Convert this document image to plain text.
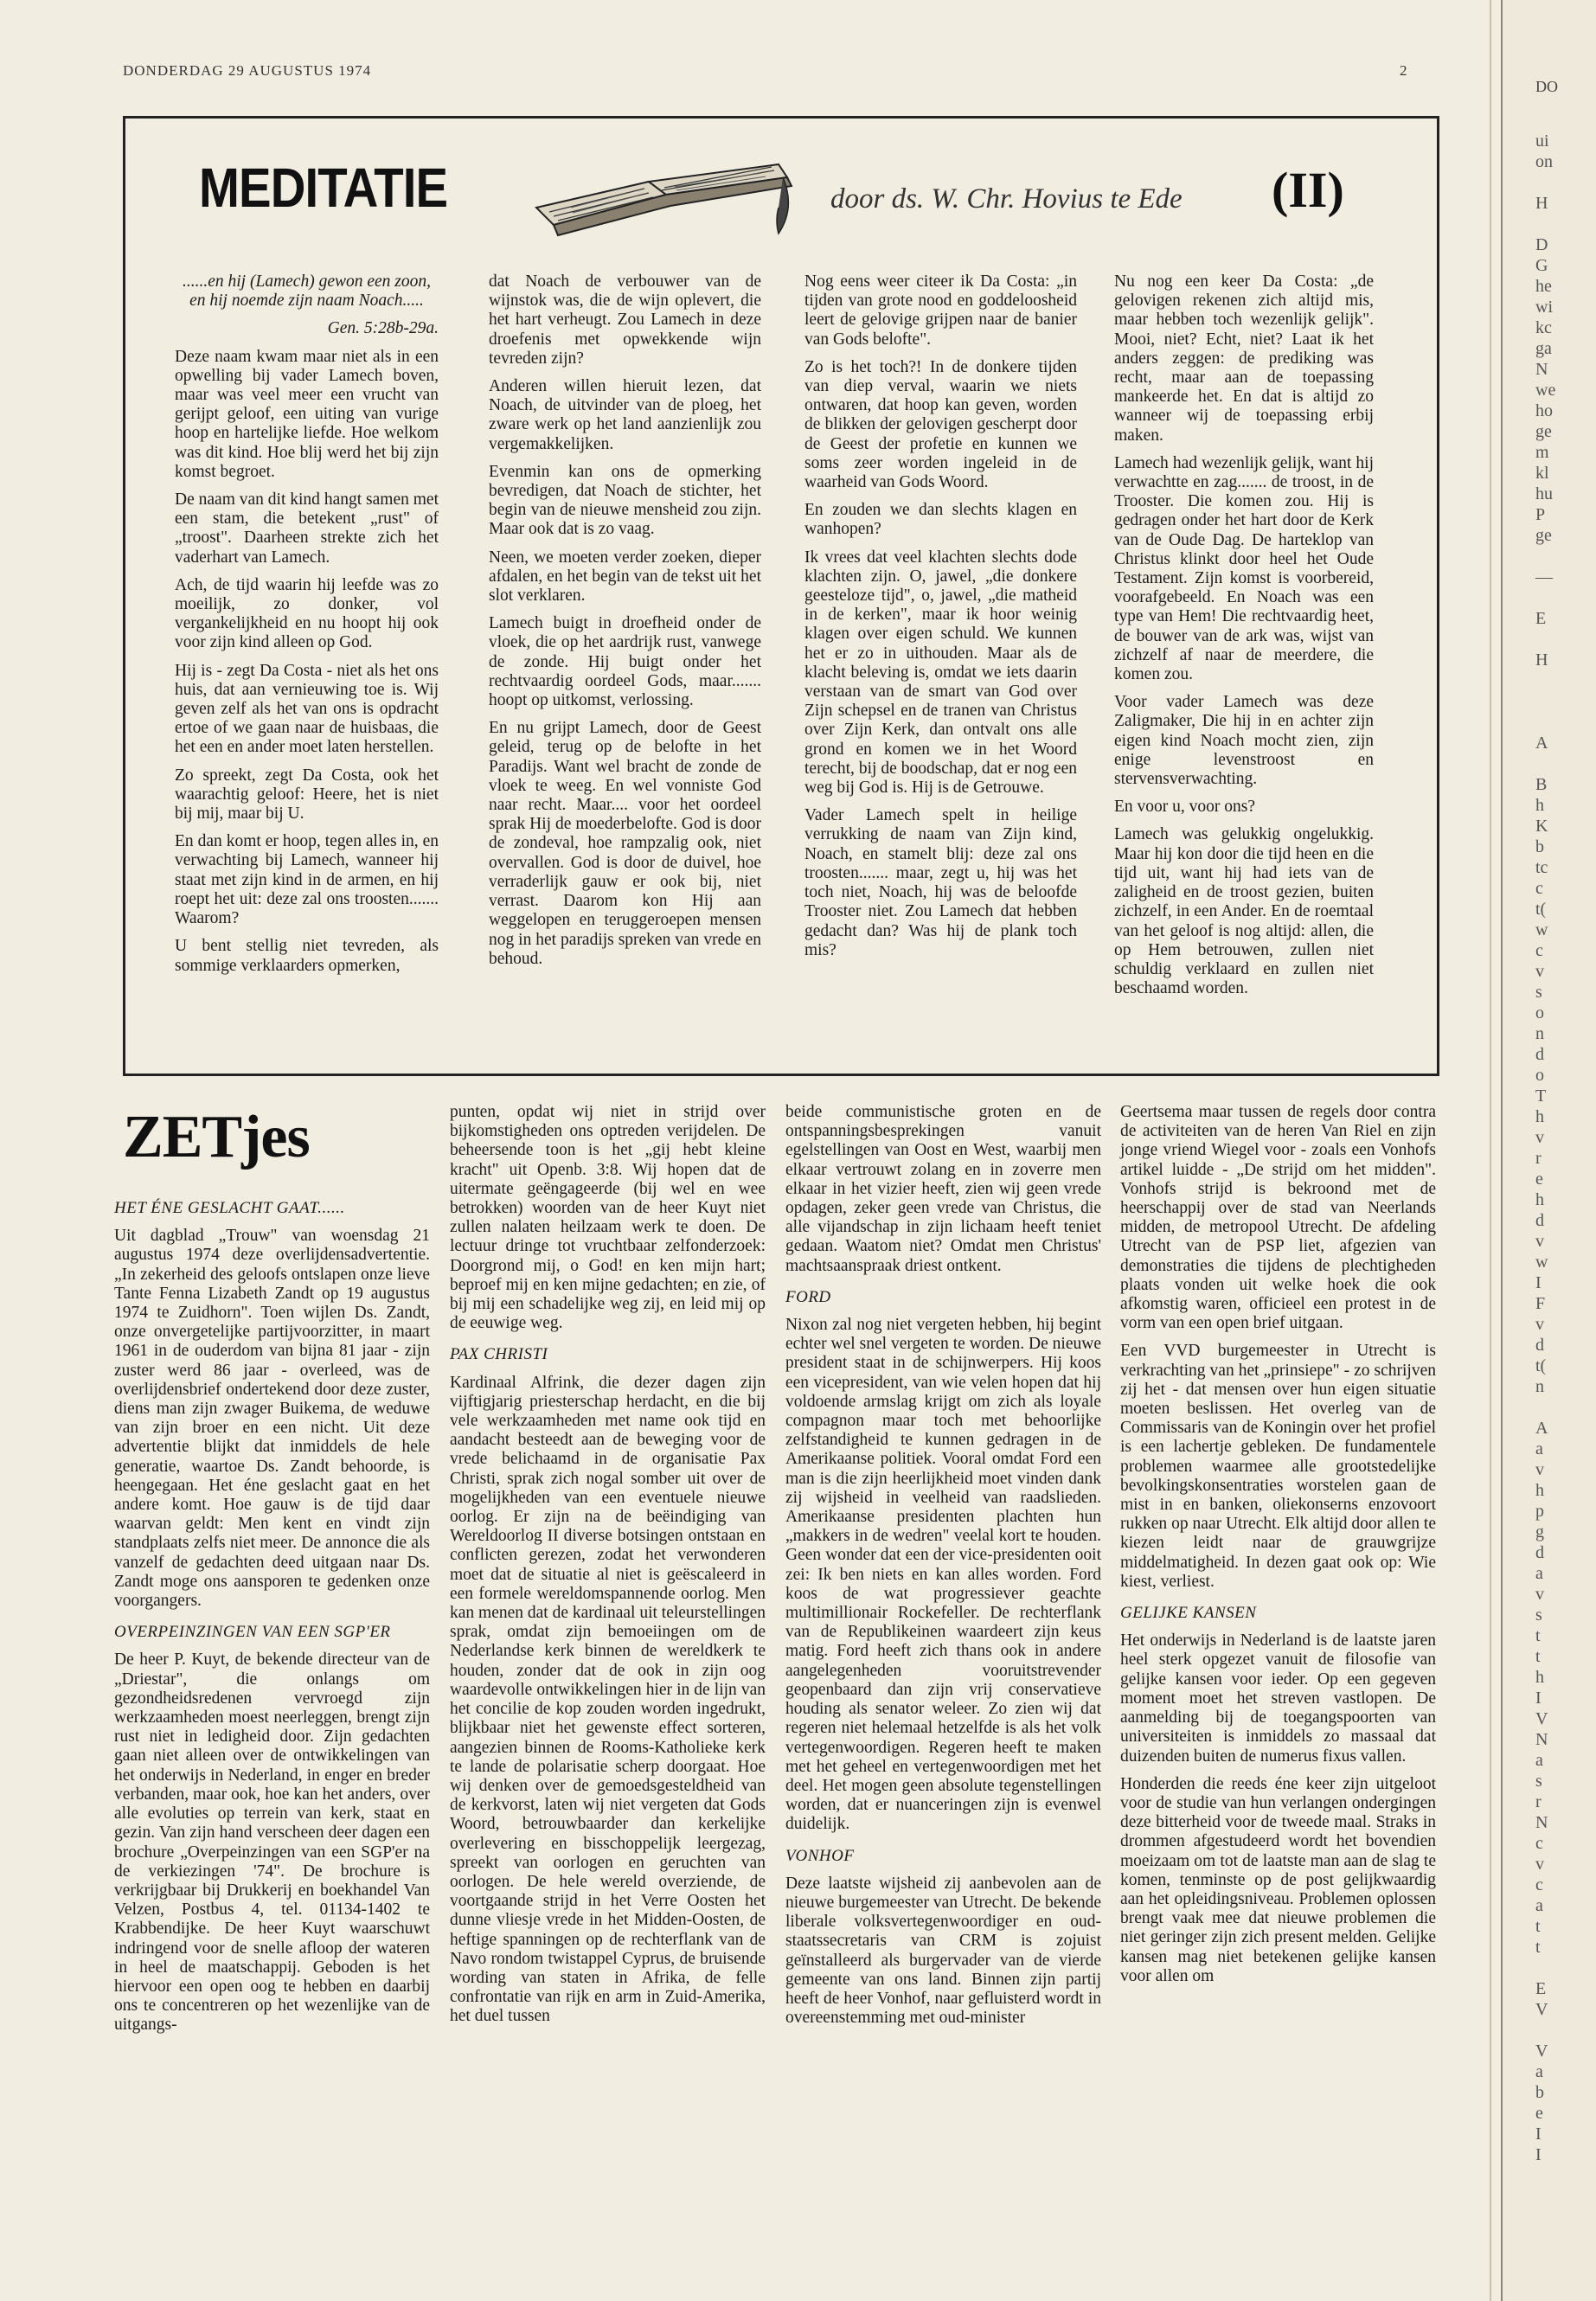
DONDERDAG 29 AUGUSTUS 1974	2
MEDITATIE	door ds. W. Chr. Hovius te Ede (II)

......en hij (Lamech) gewon een zoon, en hij noemde zijn naam Noach.....

Gen. 5:28b-29a.

Deze naam kwam maar niet als in een opwelling bij vader Lamech boven, maar was veel meer een vrucht van gerijpt geloof, een uiting van vurige hoop en hartelijke liefde. Hoe welkom was dit kind. Hoe blij werd het bij zijn komst begroet.

De naam van dit kind hangt samen met een stam, die betekent „rust" of „troost". Daarheen strekte zich het vaderhart van Lamech.

Ach, de tijd waarin hij leefde was zo moeilijk, zo donker, vol vergankelijkheid en nu hoopt hij ook voor zijn kind alleen op God.

Hij is - zegt Da Costa - niet als het ons huis, dat aan vernieuwing toe is. Wij geven zelf als het van ons is opdracht ertoe of we gaan naar de huisbaas, die het een en ander moet laten herstellen.

Zo spreekt, zegt Da Costa, ook het waarachtig geloof: Heere, het is niet bij mij, maar bij U.

En dan komt er hoop, tegen alles in, en verwachting bij Lamech, wanneer hij staat met zijn kind in de armen, en hij roept het uit: deze zal ons troosten....... Waarom?

U bent stellig niet tevreden, als sommige verklaarders opmerken,

dat Noach de verbouwer van de wijnstok was, die de wijn oplevert, die het hart verheugt. Zou Lamech in deze droefenis met opwekkende wijn tevreden zijn?

Anderen willen hieruit lezen, dat Noach, de uitvinder van de ploeg, het zware werk op het land aanzienlijk zou vergemakkelijken.

Evenmin kan ons de opmerking bevredigen, dat Noach de stichter, het begin van de nieuwe mensheid zou zijn. Maar ook dat is zo vaag.

Neen, we moeten verder zoeken, dieper afdalen, en het begin van de tekst uit het slot verklaren.

Lamech buigt in droefheid onder de vloek, die op het aardrijk rust, vanwege de zonde. Hij buigt onder het rechtvaardig oordeel Gods, maar....... hoopt op uitkomst, verlossing.

En nu grijpt Lamech, door de Geest geleid, terug op de belofte in het Paradijs. Want wel bracht de zonde de vloek te weeg. En wel vonniste God naar recht. Maar.... voor het oordeel sprak Hij de moederbelofte. God is door de zondeval, hoe rampzalig ook, niet overvallen. God is door de duivel, hoe verraderlijk gauw er ook bij, niet verrast. Daarom kon Hij aan weggelopen en teruggeroepen mensen nog in het paradijs spreken van vrede en behoud.

Nog eens weer citeer ik Da Costa: „in tijden van grote nood en goddeloosheid leert de gelovige grijpen naar de banier van Gods belofte".

Zo is het toch?! In de donkere tijden van diep verval, waarin we niets ontwaren, dat hoop kan geven, worden de blikken der gelovigen gescherpt door de Geest der profetie en kunnen we soms zeer worden ingeleid in de waarheid van Gods Woord.

En zouden we dan slechts klagen en wanhopen?

Ik vrees dat veel klachten slechts dode klachten zijn. O, jawel, „die donkere geesteloze tijd", o, jawel, „die matheid in de kerken", maar ik hoor weinig klagen over eigen schuld. We kunnen het er zo in uithouden. Maar als de klacht beleving is, omdat we iets daarin verstaan van de smart van God over Zijn schepsel en de tranen van Christus over Zijn Kerk, dan ontvalt ons alle grond en komen we in het Woord terecht, bij de boodschap, dat er nog een weg bij God is. Hij is de Getrouwe.

Vader Lamech spelt in heilige verrukking de naam van Zijn kind, Noach, en stamelt blij: deze zal ons troosten....... maar, zegt u, hij was het toch niet, Noach, hij was de beloofde Trooster niet. Zou Lamech dat hebben gedacht dan? Was hij de plank toch mis?

Nu nog een keer Da Costa: „de gelovigen rekenen zich altijd mis, maar hebben toch wezenlijk gelijk". Mooi, niet? Echt, niet? Laat ik het anders zeggen: de prediking was recht, maar aan de toepassing mankeerde het. En dat is altijd zo wanneer wij de toepassing erbij maken.

Lamech had wezenlijk gelijk, want hij verwachtte en zag....... de troost, in de Trooster. Die komen zou. Hij is gedragen onder het hart door de Kerk van de Oude Dag. De harteklop van Christus klinkt door heel het Oude Testament. Zijn komst is voorbereid, voorafgebeeld. En Noach was een type van Hem! Die rechtvaardig heet, de bouwer van de ark was, wijst van zichzelf af naar de meerdere, die komen zou.

Voor vader Lamech was deze Zaligmaker, Die hij in en achter zijn eigen kind Noach mocht zien, zijn enige levenstroost en stervensverwachting.

En voor u, voor ons?

Lamech was gelukkig ongelukkig. Maar hij kon door die tijd heen en die tijd uit, want hij had iets van de zaligheid en de troost gezien, buiten zichzelf, in een Ander. En de roemtaal van het geloof is nog altijd: allen, die op Hem betrouwen, zullen niet schuldig verklaard en zullen niet beschaamd worden.

ZETjes
HET ÉNE GESLACHT GAAT......

Uit dagblad „Trouw" van woensdag 21 augustus 1974 deze overlijdensadvertentie. „In zekerheid des geloofs ontslapen onze lieve Tante Fenna Lizabeth Zandt op 19 augustus 1974 te Zuidhorn". Toen wijlen Ds. Zandt, onze onvergetelijke partijvoorzitter, in maart 1961 in de ouderdom van bijna 81 jaar - zijn zuster werd 86 jaar - overleed, was de overlijdensbrief ondertekend door deze zuster, diens man zijn zwager Buikema, de weduwe van zijn broer en een nicht. Uit deze advertentie blijkt dat inmiddels de hele generatie, waartoe Ds. Zandt behoorde, is heengegaan. Het éne geslacht gaat en het andere komt. Hoe gauw is de tijd daar waarvan geldt: Men kent en vindt zijn standplaats zelfs niet meer. De annonce die als vanzelf de gedachten deed uitgaan naar Ds. Zandt moge ons aansporen te gedenken onze voorgangers.

OVERPEINZINGEN VAN EEN SGP'ER

De heer P. Kuyt, de bekende directeur van de „Driestar", die onlangs om gezondheidsredenen vervroegd zijn werkzaamheden moest neerleggen, brengt zijn rust niet in ledigheid door. Zijn gedachten gaan niet alleen over de ontwikkelingen van het onderwijs in Nederland, in enger en breder verbanden, maar ook, hoe kan het anders, over alle evoluties op terrein van kerk, staat en gezin. Van zijn hand verscheen deer dagen een brochure „Overpeinzingen van een SGP'er na de verkiezingen '74". De brochure is verkrijgbaar bij Drukkerij en boekhandel Van Velzen, Postbus 4, tel. 01134-1402 te Krabbendijke. De heer Kuyt waarschuwt indringend voor de snelle afloop der wateren in heel de maatschappij. Geboden is het hiervoor een open oog te hebben en daarbij ons te concentreren op het wezenlijke van de uitgangs-

punten, opdat wij niet in strijd over bijkomstigheden ons optreden verijdelen. De beheersende toon is het „gij hebt kleine kracht" uit Openb. 3:8. Wij hopen dat de uitermate geëngageerde (bij wel en wee betrokken) woorden van de heer Kuyt niet zullen nalaten heilzaam werk te doen. De lectuur dringe tot vruchtbaar zelfonderzoek: Doorgrond mij, o God! en ken mijn hart; beproef mij en ken mijne gedachten; en zie, of bij mij een schadelijke weg zij, en leid mij op de eeuwige weg.

PAX CHRISTI

Kardinaal Alfrink, die dezer dagen zijn vijftigjarig priesterschap herdacht, en die bij vele werkzaamheden met name ook tijd en aandacht besteedt aan de beweging voor de vrede belichaamd in de organisatie Pax Christi, sprak zich nogal somber uit over de mogelijkheden van een eventuele nieuwe oorlog. Er zijn na de beëindiging van Wereldoorlog II diverse botsingen ontstaan en conflicten gerezen, zodat het verwonderen moet dat de situatie al niet is geëscaleerd in een formele wereldomspannende oorlog. Men kan menen dat de kardinaal uit teleurstellingen sprak, omdat zijn bemoeiingen om de Nederlandse kerk binnen de wereldkerk te houden, zonder dat de ook in zijn oog waardevolle ontwikkelingen hier in de lijn van het concilie de kop zouden worden ingedrukt, blijkbaar niet het gewenste effect sorteren, aangezien binnen de Rooms-Katholieke kerk te lande de polarisatie scherp doorgaat. Hoe wij denken over de gemoedsgesteldheid van de kerkvorst, laten wij niet vergeten dat Gods Woord, betrouwbaarder dan kerkelijke overlevering en bisschoppelijk leergezag, spreekt van oorlogen en geruchten van oorlogen. De hele wereld overziende, de voortgaande strijd in het Verre Oosten het dunne vliesje vrede in het Midden-Oosten, de heftige spanningen op de rechterflank van de Navo rondom twistappel Cyprus, de bruisende wording van staten in Afrika, de felle confrontatie van rijk en arm in Zuid-Amerika, het duel tussen

beide communistische groten en de ontspanningsbesprekingen vanuit egelstellingen van Oost en West, waarbij men elkaar vertrouwt zolang en in zoverre men elkaar in het vizier heeft, zien wij geen vrede opdagen, zeker geen vrede van Christus, die alle vijandschap in zijn lichaam heeft teniet gedaan. Waatom niet? Omdat men Christus' machtsaanspraak driest ontkent.

FORD

Nixon zal nog niet vergeten hebben, hij begint echter wel snel vergeten te worden. De nieuwe president staat in de schijnwerpers. Hij koos een vicepresident, van wie velen hopen dat hij voldoende armslag krijgt om zich als loyale compagnon maar toch met behoorlijke zelfstandigheid te kunnen gedragen in de Amerikaanse politiek. Vooral omdat Ford een man is die zijn heerlijkheid moet vinden dank zij wijsheid in veelheid van raadslieden. Amerikaanse presidenten plachten hun „makkers in de wedren" veelal kort te houden. Geen wonder dat een der vice-presidenten ooit zei: Ik ben niets en kan alles worden. Ford koos de wat progressiever geachte multimillionair Rockefeller. De rechterflank van de Republikeinen waardeert zijn keus matig. Ford heeft zich thans ook in andere aangelegenheden vooruitstrevender geopenbaard dan zijn vrij conservatieve houding als senator weleer. Zo zien wij dat regeren niet helemaal hetzelfde is als het volk vertegenwoordigen. Regeren heeft te maken met het geheel en vertegenwoordigen met het deel. Het mogen geen absolute tegenstellingen worden, dat er nuanceringen zijn is evenwel duidelijk.

VONHOF

Deze laatste wijsheid zij aanbevolen aan de nieuwe burgemeester van Utrecht. De bekende liberale volksvertegenwoordiger en oud-staatssecretaris van CRM is zojuist geïnstalleerd als burgervader van de vierde gemeente van ons land. Binnen zijn partij heeft de heer Vonhof, naar gefluisterd wordt in overeenstemming met oud-minister

Geertsema maar tussen de regels door contra de activiteiten van de heren Van Riel en zijn jonge vriend Wiegel voor - zoals een Vonhofs artikel luidde - „De strijd om het midden". Vonhofs strijd is bekroond met de heerschappij over de stad van Neerlands midden, de metropool Utrecht. De afdeling Utrecht van de PSP liet, afgezien van demonstraties die tijdens de plechtigheden plaats vonden uit welke hoek die ook afkomstig waren, officieel een protest in de vorm van een open brief uitgaan.

Een VVD burgemeester in Utrecht is verkrachting van het „prinsiepe" - zo schrijven zij het - dat mensen over hun eigen situatie moeten beslissen. Het overleg van de Commissaris van de Koningin over het profiel is een lachertje gebleken. De fundamentele problemen waarmee alle grootstedelijke bevolkingskonsentraties worstelen gaan de mist in en banken, oliekonserns enzovoort rukken op naar Utrecht. Elk altijd door allen te kiezen leidt naar de grauwgrijze middelmatigheid. In dezen gaat ook op: Wie kiest, verliest.

GELIJKE KANSEN

Het onderwijs in Nederland is de laatste jaren heel sterk opgezet vanuit de filosofie van gelijke kansen voor ieder. Op een gegeven moment moet het streven vastlopen. De aanmelding bij de toegangspoorten van universiteiten is inmiddels zo massaal dat duizenden buiten de numerus fixus vallen.

Honderden die reeds éne keer zijn uitgeloot voor de studie van hun verlangen ondergingen deze bitterheid voor de tweede maal. Straks in drommen afgestudeerd wordt het bovendien moeizaam om tot de laatste man aan de slag te komen, tenminste op de post gelijkwaardig aan het opleidingsniveau. Problemen oplossen brengt vaak mee dat nieuwe problemen die niet geringer zijn zich present melden. Gelijke kansen mag niet betekenen gelijke kansen voor allen om

DO
ui
on
H
D
G
he
wi
kc
ga
N
we
ho
ge
m
kl
hu
P
ge
—
E
H
A
B
h
K
b
tc
c
t(
w
c
v
s
o
n
d
o
T
h
v
r
e
h
d
v
w
I
F
v
d
t(
n
A
a
v
h
p
g
d
a
v
s
t
t
h
I
V
N
a
s
r
N
c
v
c
a
t
t
E
V
V
a
b
e
I
I
